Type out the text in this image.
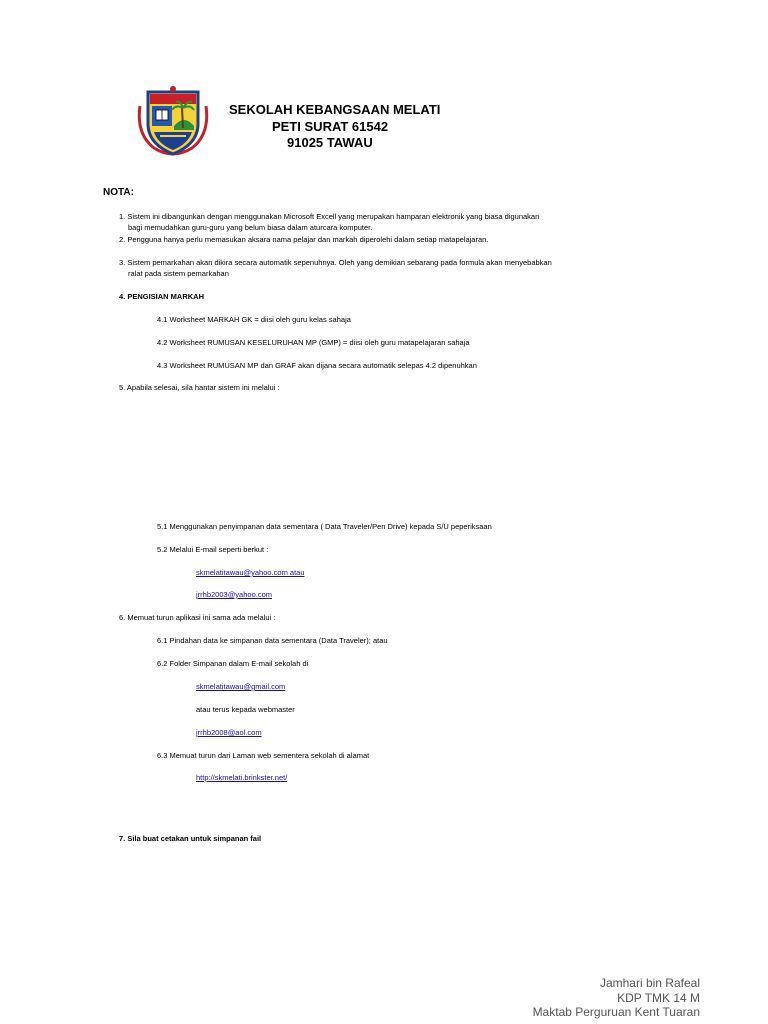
SEKOLAH KEBANGSAAN MELATI
PETI SURAT 61542
91025 TAWAU
NOTA:
1. Sistem ini dibangunkan dengan menggunakan Microsoft Excell yang merupakan hamparan elektronik yang biasa digunakan
bagi memudahkan guru-guru yang belum biasa dalam aturcara komputer.
2. Pengguna hanya perlu memasukan aksara nama pelajar dan markah diperolehi dalam setiap matapelajaran.
3. Sistem pemarkahan akan dikira secara automatik sepenuhnya. Oleh yang demikian sebarang pada formula akan menyebabkan
ralat pada sistem pemarkahan
4. PENGISIAN MARKAH
4.1 Worksheet MARKAH GK = diisi oleh guru kelas sahaja
4.2 Worksheet RUMUSAN KESELURUHAN MP (GMP) = diisi oleh guru matapelajaran sahaja
4.3 Worksheet RUMUSAN MP dan GRAF akan dijana secara automatik selepas 4.2 dipenuhkan
5. Apabila selesai, sila hantar sistem ini melalui :
5.1 Menggunakan penyimpanan data sementara ( Data Traveler/Pen Drive) kepada S/U peperiksaan
5.2 Melalui E-mail seperti berkut :
skmelatitawau@yahoo.com atau
jrrhb2003@yahoo.com
6. Memuat turun aplikasi ini sama ada melalui :
6.1 Pindahan data ke simpanan data sementara (Data Traveler); atau
6.2 Folder Simpanan dalam E-mail sekolah di
skmelatitawau@gmail.com
atau terus kepada webmaster
jrrhb2008@aol.com
6.3 Memuat turun dari Laman web sementera sekolah di alamat
http://skmelati.brinkster.net/
7. Sila buat cetakan untuk simpanan fail
Jamhari bin Rafeal
KDP TMK 14 M
Maktab Perguruan Kent Tuaran
